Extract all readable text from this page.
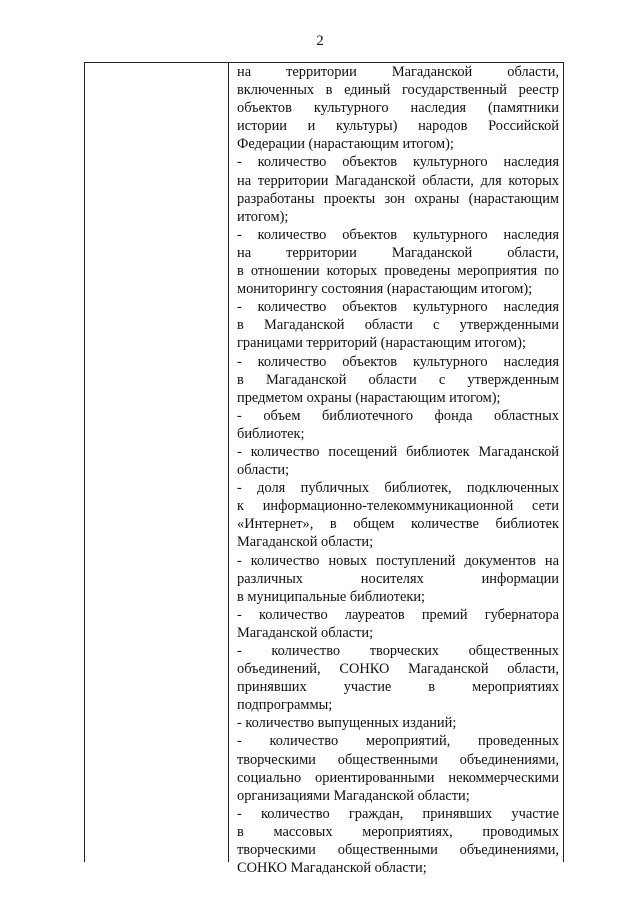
2
на территории Магаданской области,
включенных в единый государственный реестр
объектов культурного наследия (памятники
истории и культуры) народов Российской
Федерации (нарастающим итогом);
- количество объектов культурного наследия
на территории Магаданской области, для которых
разработаны проекты зон охраны (нарастающим
итогом);
- количество объектов культурного наследия
на территории Магаданской области,
в отношении которых проведены мероприятия по
мониторингу состояния (нарастающим итогом);
- количество объектов культурного наследия
в Магаданской области с утвержденными
границами территорий (нарастающим итогом);
- количество объектов культурного наследия
в Магаданской области с утвержденным
предметом охраны (нарастающим итогом);
- объем библиотечного фонда областных
библиотек;
- количество посещений библиотек Магаданской
области;
- доля публичных библиотек, подключенных
к информационно-телекоммуникационной сети
«Интернет», в общем количестве библиотек
Магаданской области;
- количество новых поступлений документов на
различных носителях информации
в муниципальные библиотеки;
- количество лауреатов премий губернатора
Магаданской области;
- количество творческих общественных
объединений, СОНКО Магаданской области,
принявших участие в мероприятиях
подпрограммы;
- количество выпущенных изданий;
- количество мероприятий, проведенных
творческими общественными объединениями,
социально ориентированными некоммерческими
организациями Магаданской области;
- количество граждан, принявших участие
в массовых мероприятиях, проводимых
творческими общественными объединениями,
СОНКО Магаданской области;
